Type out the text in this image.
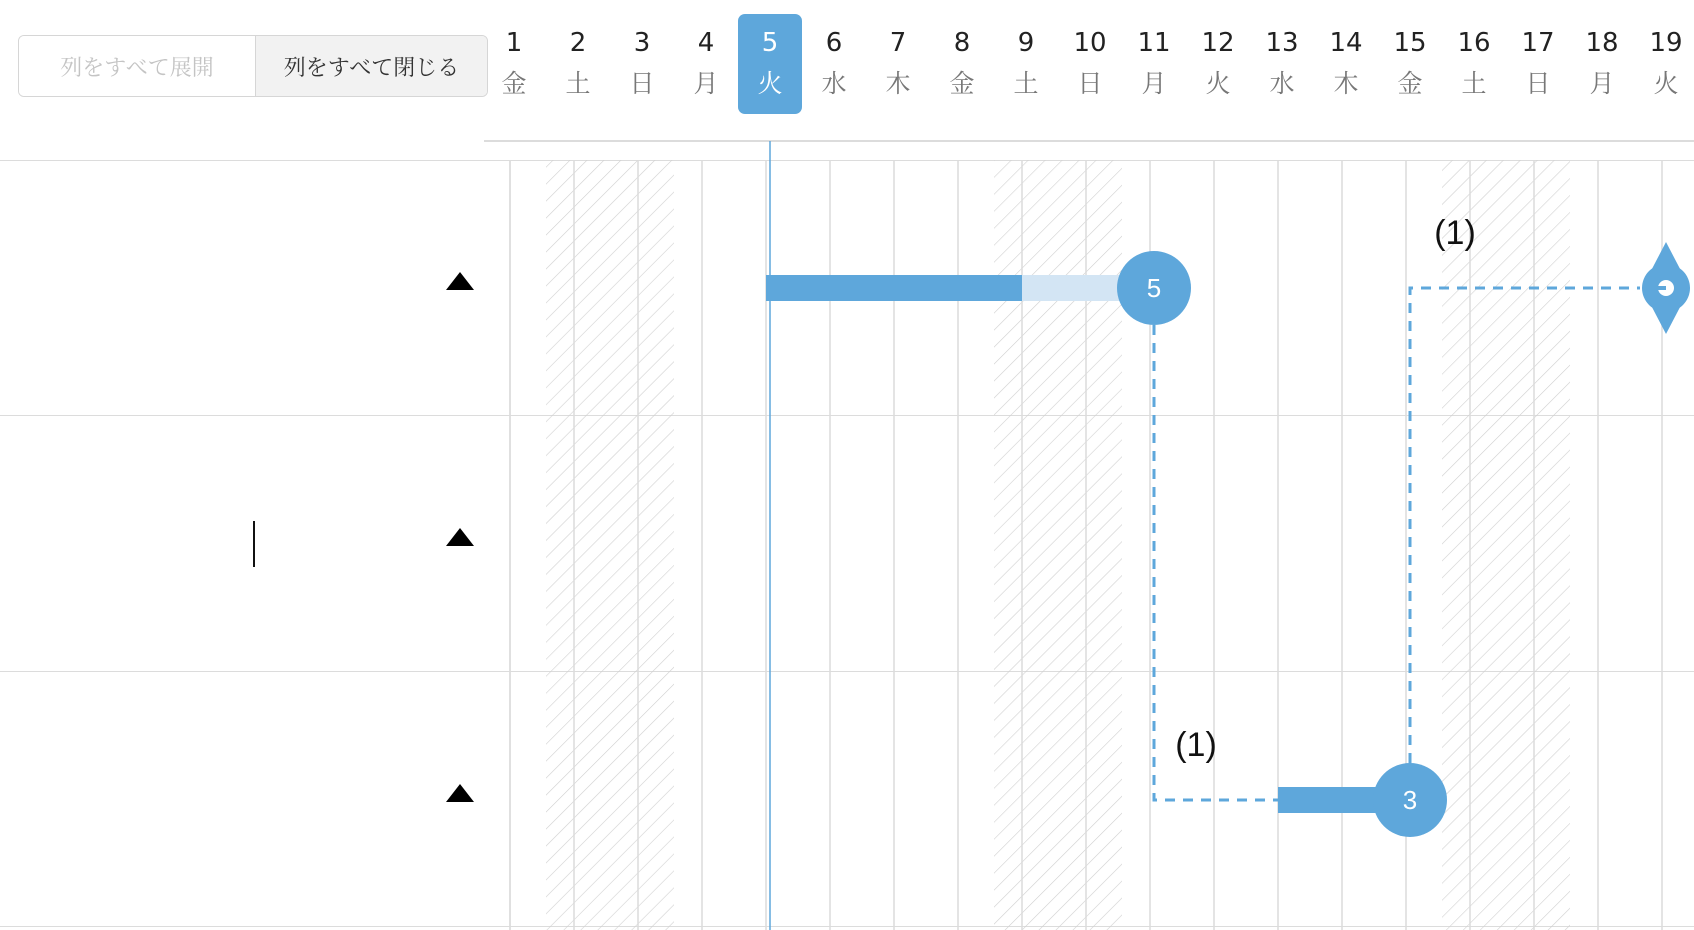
列をすべて展開	列をすべて閉じる
1
金
2
土
3
日
4
月
5
火
6
水
7
木
8
金
9
土
10
日
11
月
12
火
13
水
14
木
15
金
16
土
17
日
18
月
19
火
5
3
(1)
(1)
